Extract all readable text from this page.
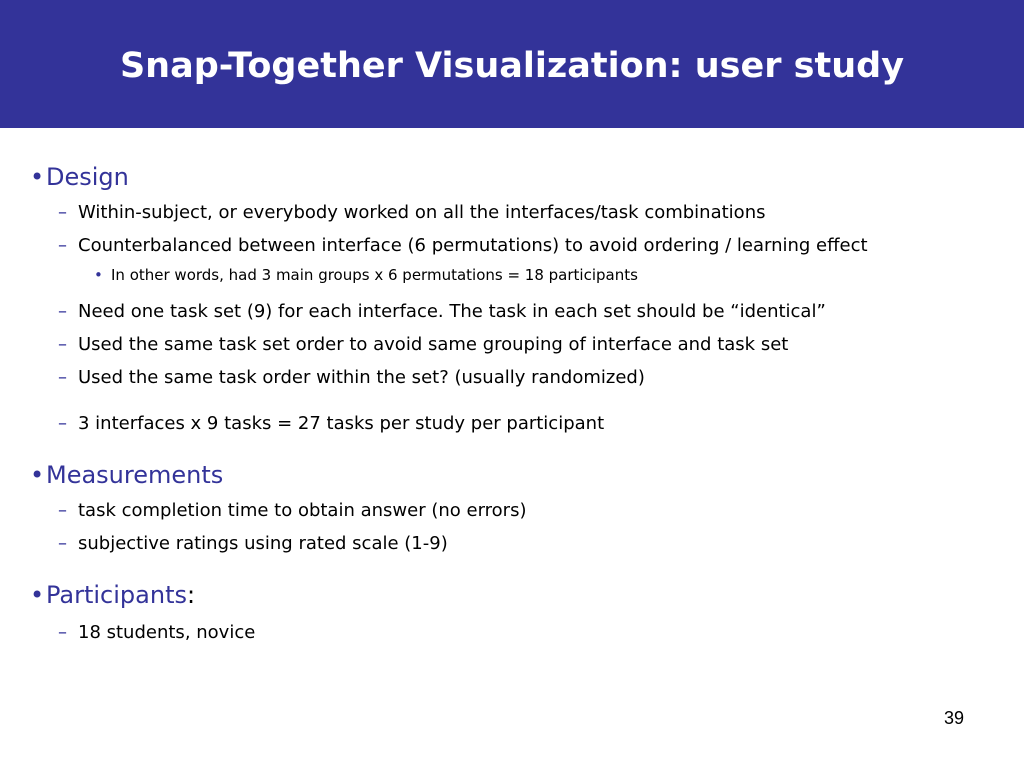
Snap-Together Visualization: user study
•Design
– Within-subject, or everybody worked on all the interfaces/task combinations
– Counterbalanced between interface (6 permutations) to avoid ordering / learning effect
• In other words, had 3 main groups x 6 permutations = 18 participants
– Need one task set (9) for each interface. The task in each set should be “identical”
– Used the same task set order to avoid same grouping of interface and task set
– Used the same task order within the set? (usually randomized)
– 3 interfaces x 9 tasks = 27 tasks per study per participant
•Measurements
– task completion time to obtain answer (no errors)
– subjective ratings using rated scale (1-9)
•Participants:
– 18 students, novice
39
